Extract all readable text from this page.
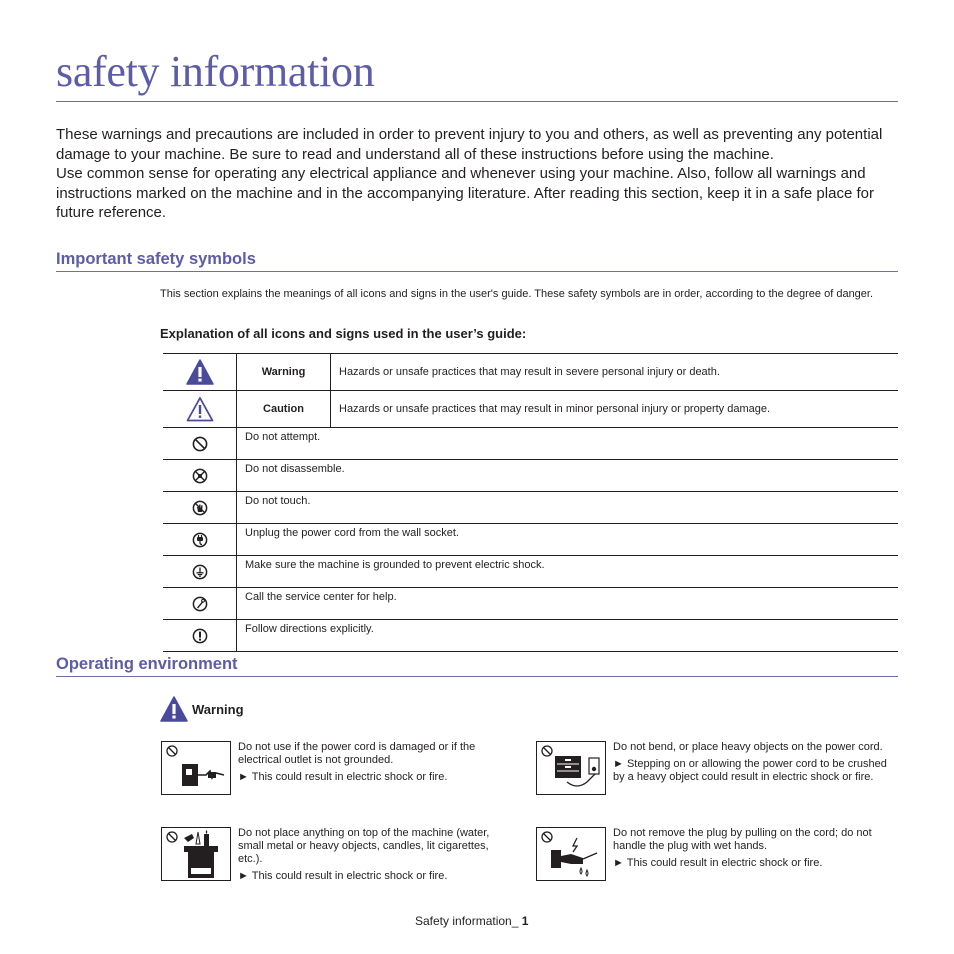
safety information

These warnings and precautions are included in order to prevent injury to you and others, as well as preventing any potential damage to your machine. Be sure to read and understand all of these instructions before using the machine.

Use common sense for operating any electrical appliance and whenever using your machine. Also, follow all warnings and instructions marked on the machine and in the accompanying literature. After reading this section, keep it in a safe place for future reference.

Important safety symbols

This section explains the meanings of all icons and signs in the user's guide. These safety symbols are in order, according to the degree of danger.

Explanation of all icons and signs used in the user’s guide:

	Warning	Hazards or unsafe practices that may result in severe personal injury or death.

	Caution	Hazards or unsafe practices that may result in minor personal injury or property damage.

	Do not attempt.	

	Do not disassemble.	

	Do not touch.	

	Unplug the power cord from the wall socket.	

	Make sure the machine is grounded to prevent electric shock.	

	Call the service center for help.	

	Follow directions explicitly.	
Operating environment
Warning

Do not use if the power cord is damaged or if the electrical outlet is not grounded.

► This could result in electric shock or fire.

Do not bend, or place heavy objects on the power cord.

► Stepping on or allowing the power cord to be crushed by a heavy object could result in electric shock or fire.

Do not place anything on top of the machine (water, small metal or heavy objects, candles, lit cigarettes, etc.).

► This could result in electric shock or fire.

Do not remove the plug by pulling on the cord; do not handle the plug with wet hands.

► This could result in electric shock or fire.

Safety information_ 1
